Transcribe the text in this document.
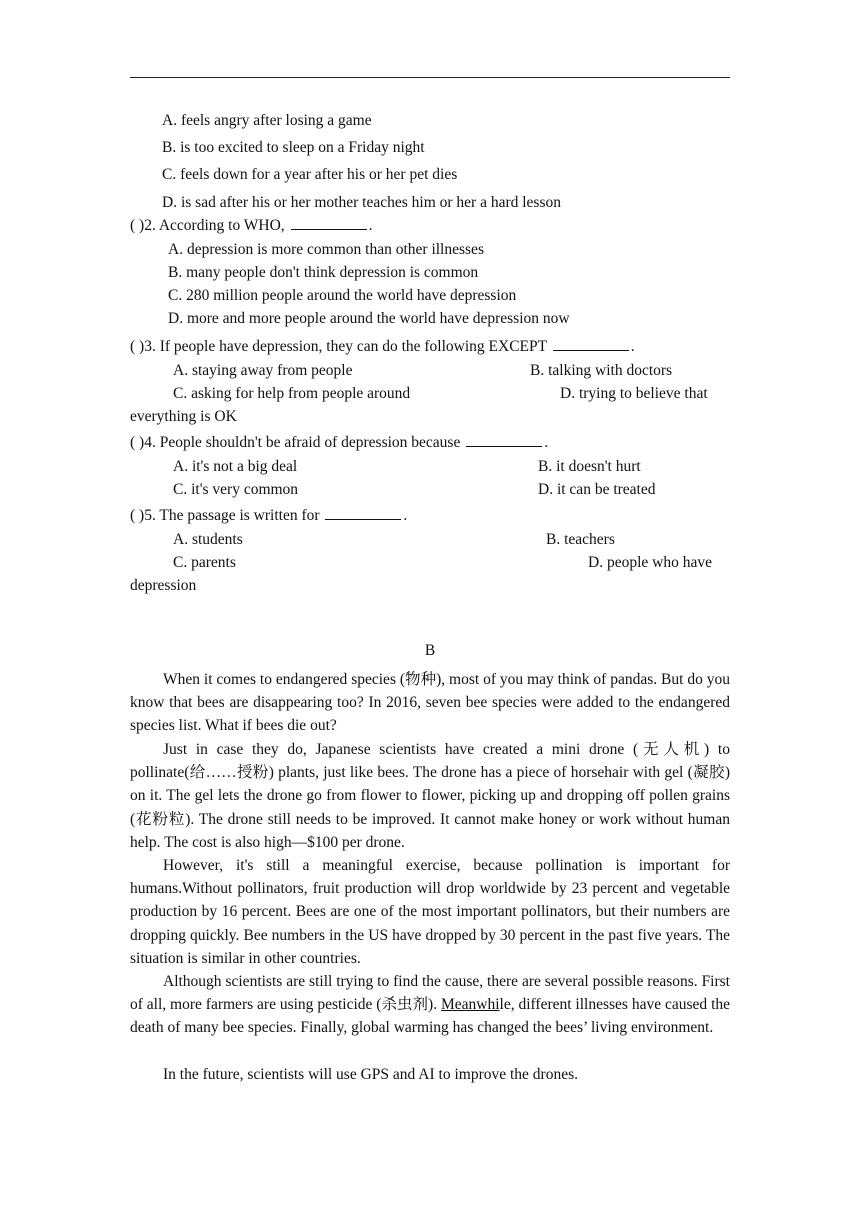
A. feels angry after losing a game
B. is too excited to sleep on a Friday night
C. feels down for a year after his or her pet dies
D. is sad after his or her mother teaches him or her a hard lesson
( )2. According to WHO,	.
A. depression is more common than other illnesses
B. many people don't think depression is common
C. 280 million people around the world have depression
D. more and more people around the world have depression now
( )3. If people have depression, they can do the following EXCEPT	.
A. staying away from people	B. talking with doctors
C. asking for help from people around	D. trying to believe that
everything is OK
( )4. People shouldn't be afraid of depression because	.
A. it's not a big deal	B. it doesn't hurt
C. it's very common	D. it can be treated
( )5. The passage is written for	.
A. students	B. teachers
C. parents	D. people who have
depression
B
When it comes to endangered species (物种), most of you may think of pandas. But do you know that bees are disappearing too? In 2016, seven bee species were added to the endangered species list. What if bees die out?
Just in case they do, Japanese scientists have created a mini drone (无人机) to pollinate(给……授粉) plants, just like bees. The drone has a piece of horsehair with gel (凝胶) on it. The gel lets the drone go from flower to flower, picking up and dropping off pollen grains (花粉粒). The drone still needs to be improved. It cannot make honey or work without human help. The cost is also high—$100 per drone.
However, it's still a meaningful exercise, because pollination is important for humans.Without pollinators, fruit production will drop worldwide by 23 percent and vegetable production by 16 percent. Bees are one of the most important pollinators, but their numbers are dropping quickly. Bee numbers in the US have dropped by 30 percent in the past five years. The situation is similar in other countries.
Although scientists are still trying to find the cause, there are several possible reasons. First of all, more farmers are using pesticide (杀虫剂). Meanwhile, different illnesses have caused the death of many bee species. Finally, global warming has changed the bees’ living environment.
In the future, scientists will use GPS and AI to improve the drones.
